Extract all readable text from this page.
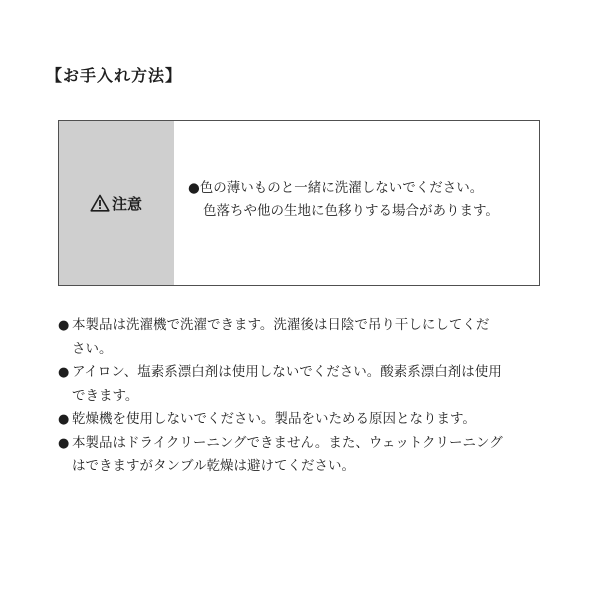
【お手入れ方法】
注意
●色の薄いものと一緒に洗濯しないでください。
色落ちや他の生地に色移りする場合があります。
● 本製品は洗濯機で洗濯できます。洗濯後は日陰で吊り干しにしてくだ
さい。
● アイロン、塩素系漂白剤は使用しないでください。酸素系漂白剤は使用
できます。
● 乾燥機を使用しないでください。製品をいためる原因となります。
● 本製品はドライクリーニングできません。また、ウェットクリーニング
はできますがタンブル乾燥は避けてください。
